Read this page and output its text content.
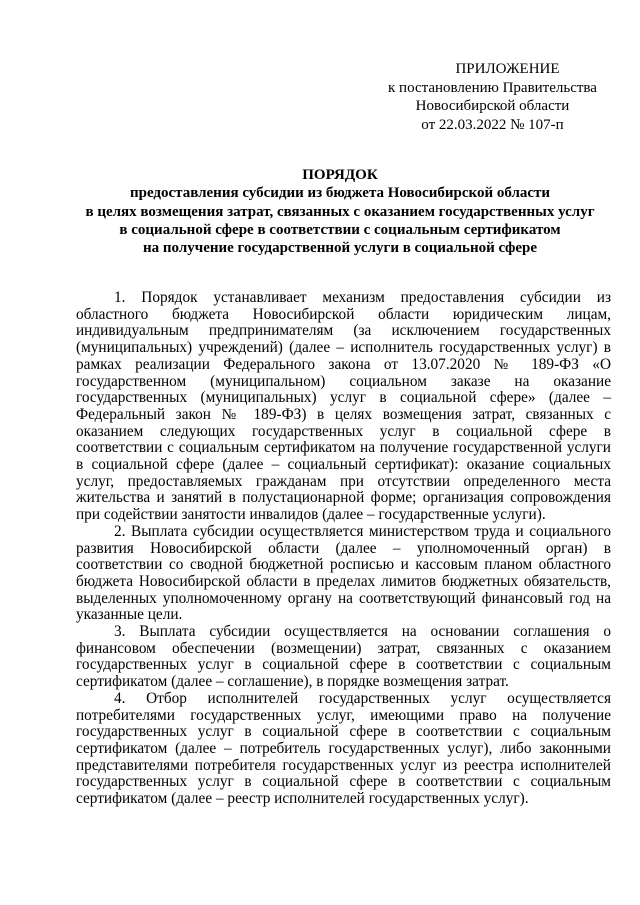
ПРИЛОЖЕНИЕ
к постановлению Правительства
Новосибирской области
от 22.03.2022 № 107-п
ПОРЯДОК
предоставления субсидии из бюджета Новосибирской области
в целях возмещения затрат, связанных с оказанием государственных услуг
в социальной сфере в соответствии с социальным сертификатом
на получение государственной услуги в социальной сфере

1. Порядок устанавливает механизм предоставления субсидии из областного бюджета Новосибирской области юридическим лицам, индивидуальным предпринимателям (за исключением государственных (муниципальных) учреждений) (далее – исполнитель государственных услуг) в рамках реализации Федерального закона от 13.07.2020 № 189-ФЗ «О государственном (муниципальном) социальном заказе на оказание государственных (муниципальных) услуг в социальной сфере» (далее – Федеральный закон № 189-ФЗ) в целях возмещения затрат, связанных с оказанием следующих государственных услуг в социальной сфере в соответствии с социальным сертификатом на получение государственной услуги в социальной сфере (далее – социальный сертификат): оказание социальных услуг, предоставляемых гражданам при отсутствии определенного места жительства и занятий в полустационарной форме; организация сопровождения при содействии занятости инвалидов (далее – государственные услуги).

2. Выплата субсидии осуществляется министерством труда и социального развития Новосибирской области (далее – уполномоченный орган) в соответствии со сводной бюджетной росписью и кассовым планом областного бюджета Новосибирской области в пределах лимитов бюджетных обязательств, выделенных уполномоченному органу на соответствующий финансовый год на указанные цели.

3. Выплата субсидии осуществляется на основании соглашения о финансовом обеспечении (возмещении) затрат, связанных с оказанием государственных услуг в социальной сфере в соответствии с социальным сертификатом (далее – соглашение), в порядке возмещения затрат.

4. Отбор исполнителей государственных услуг осуществляется потребителями государственных услуг, имеющими право на получение государственных услуг в социальной сфере в соответствии с социальным сертификатом (далее – потребитель государственных услуг), либо законными представителями потребителя государственных услуг из реестра исполнителей государственных услуг в социальной сфере в соответствии с социальным сертификатом (далее – реестр исполнителей государственных услуг).
